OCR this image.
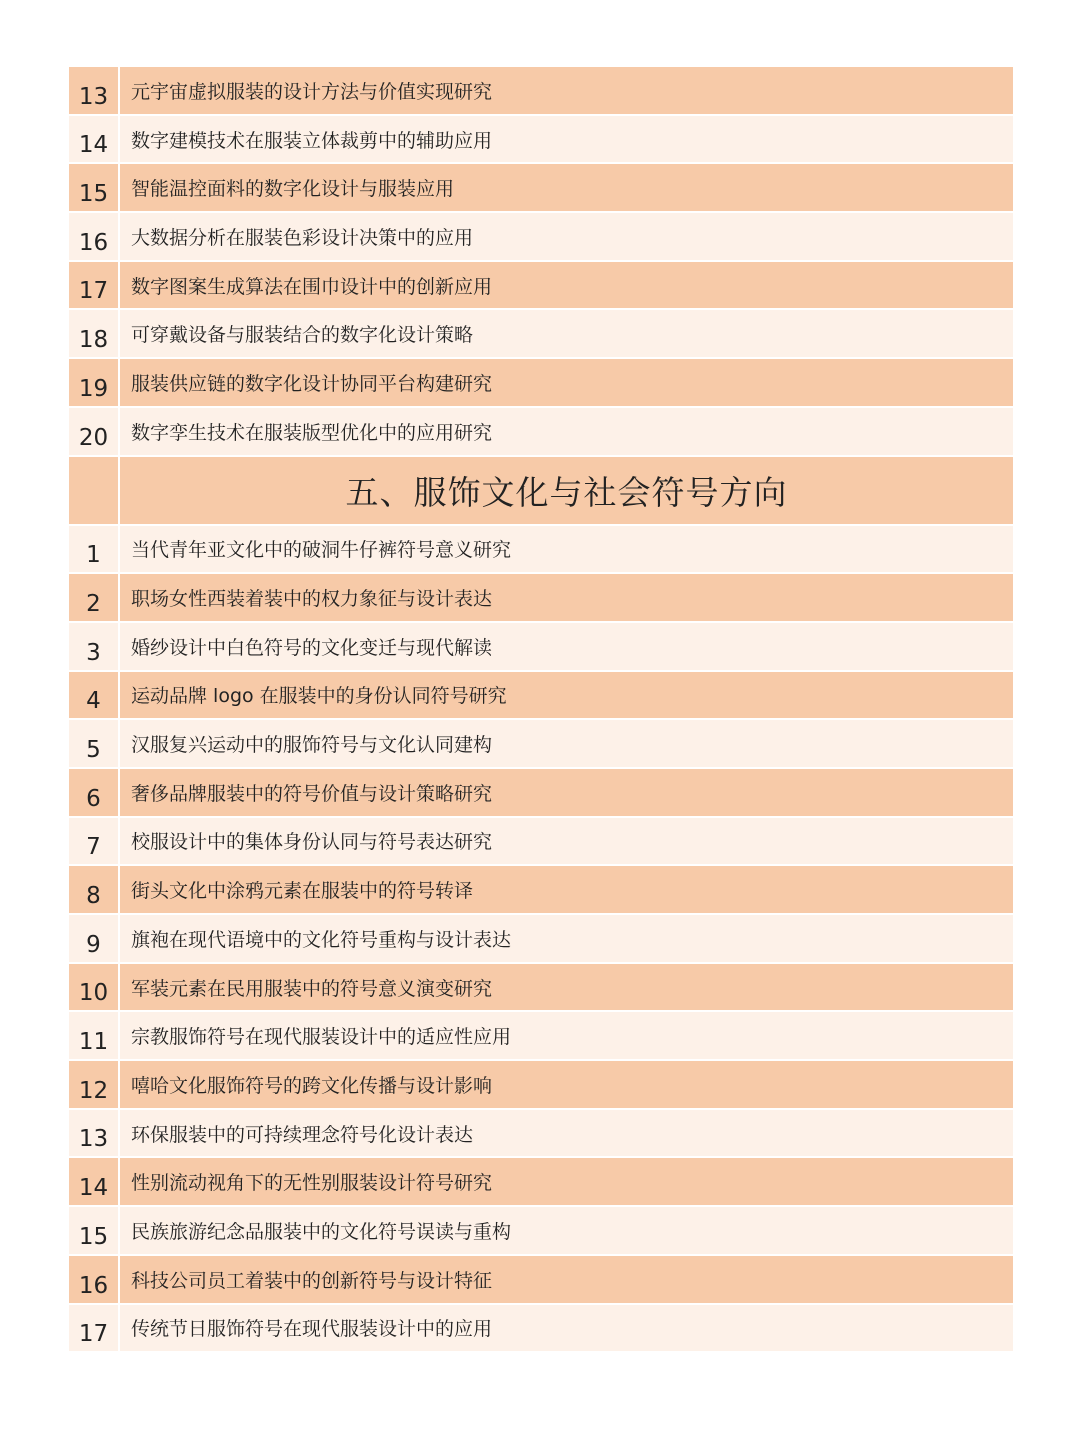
13	元宇宙虚拟服装的设计方法与价值实现研究
14	数字建模技术在服装立体裁剪中的辅助应用
15	智能温控面料的数字化设计与服装应用
16	大数据分析在服装色彩设计决策中的应用
17	数字图案生成算法在围巾设计中的创新应用
18	可穿戴设备与服装结合的数字化设计策略
19	服装供应链的数字化设计协同平台构建研究
20	数字孪生技术在服装版型优化中的应用研究
五、服饰文化与社会符号方向
1	当代青年亚文化中的破洞牛仔裤符号意义研究
2	职场女性西装着装中的权力象征与设计表达
3	婚纱设计中白色符号的文化变迁与现代解读
4	运动品牌 logo 在服装中的身份认同符号研究
5	汉服复兴运动中的服饰符号与文化认同建构
6	奢侈品牌服装中的符号价值与设计策略研究
7	校服设计中的集体身份认同与符号表达研究
8	街头文化中涂鸦元素在服装中的符号转译
9	旗袍在现代语境中的文化符号重构与设计表达
10	军装元素在民用服装中的符号意义演变研究
11	宗教服饰符号在现代服装设计中的适应性应用
12	嘻哈文化服饰符号的跨文化传播与设计影响
13	环保服装中的可持续理念符号化设计表达
14	性别流动视角下的无性别服装设计符号研究
15	民族旅游纪念品服装中的文化符号误读与重构
16	科技公司员工着装中的创新符号与设计特征
17	传统节日服饰符号在现代服装设计中的应用
